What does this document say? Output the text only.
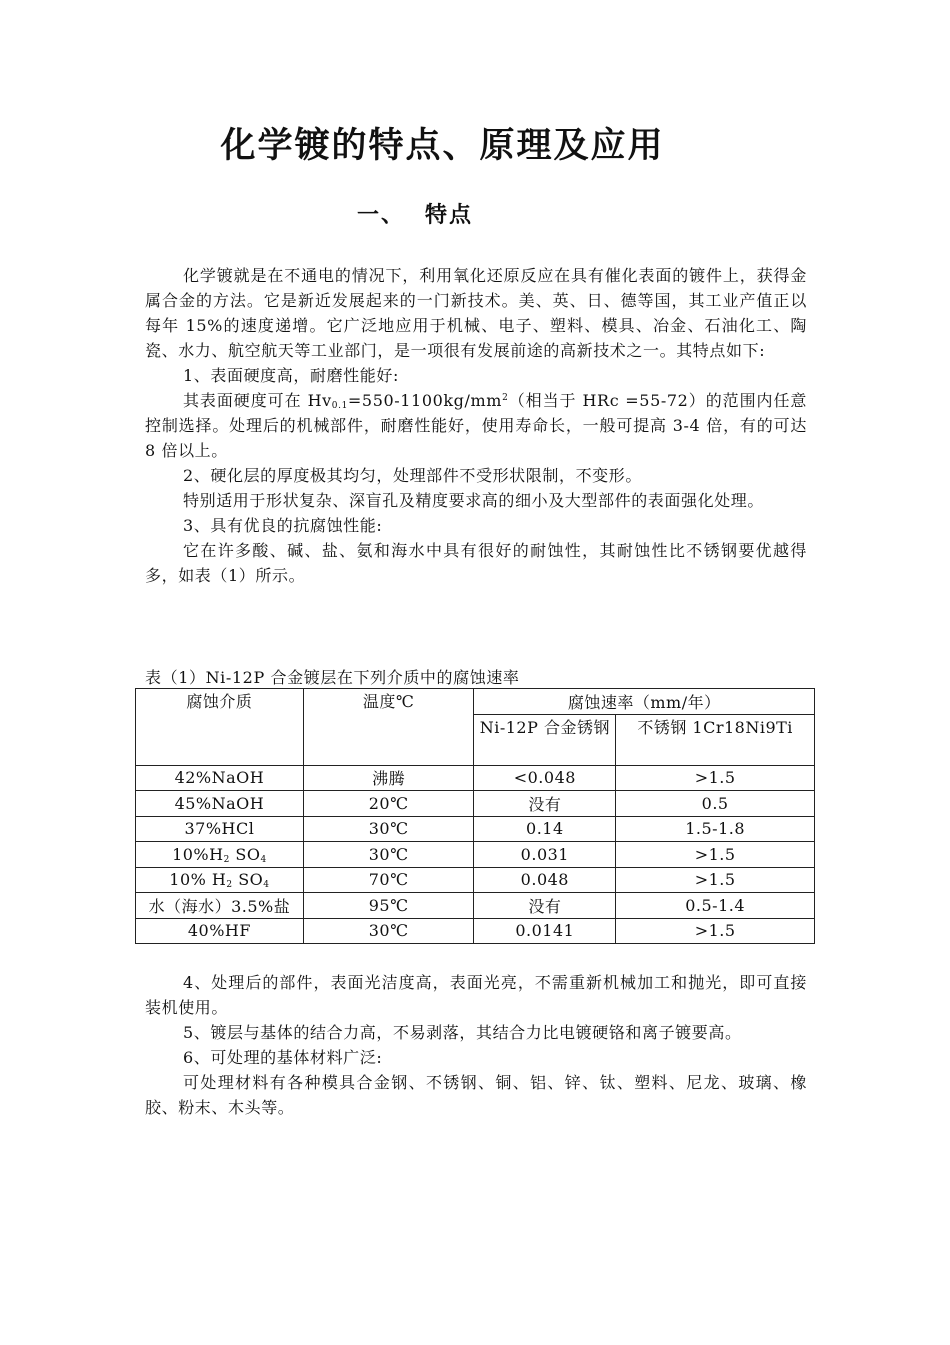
化学镀的特点、原理及应用
一、 特点

化学镀就是在不通电的情况下，利用氧化还原反应在具有催化表面的镀件上，获得金属合金的方法。它是新近发展起来的一门新技术。美、英、日、德等国，其工业产值正以每年 15%的速度递增。它广泛地应用于机械、电子、塑料、模具、冶金、石油化工、陶瓷、水力、航空航天等工业部门，是一项很有发展前途的高新技术之一。其特点如下:

1、表面硬度高，耐磨性能好:

其表面硬度可在 $Hv_{0.1}=550-1100kg/mm^2$（相当于 HRc =55-72）的范围内任意控制选择。处理后的机械部件，耐磨性能好，使用寿命长，一般可提高 3-4 倍，有的可达 8 倍以上。

2、硬化层的厚度极其均匀，处理部件不受形状限制，不变形。

特别适用于形状复杂、深盲孔及精度要求高的细小及大型部件的表面强化处理。

3、具有优良的抗腐蚀性能:

它在许多酸、碱、盐、氨和海水中具有很好的耐蚀性，其耐蚀性比不锈钢要优越得多，如表（1）所示。

表（1）Ni-12P 合金镀层在下列介质中的腐蚀速率
腐蚀介质	温度℃	腐蚀速率（mm/年）	
		Ni-12P 合金锈钢	不锈钢 1Cr18Ni9Ti
42%NaOH	沸腾	<0.048	>1.5
45%NaOH	20℃	没有	0.5
37%HCl	30℃	0.14	1.5-1.8
$10\%H_2$ $SO_4$	30℃	0.031	>1.5
10% $H_2$ $SO_4$	70℃	0.048	>1.5
水（海水）3.5%盐	95℃	没有	0.5-1.4
40%HF	30℃	0.0141	>1.5

4、处理后的部件，表面光洁度高，表面光亮，不需重新机械加工和抛光，即可直接装机使用。

5、镀层与基体的结合力高，不易剥落，其结合力比电镀硬铬和离子镀要高。

6、可处理的基体材料广泛:

可处理材料有各种模具合金钢、不锈钢、铜、铝、锌、钛、塑料、尼龙、玻璃、橡胶、粉末、木头等。
